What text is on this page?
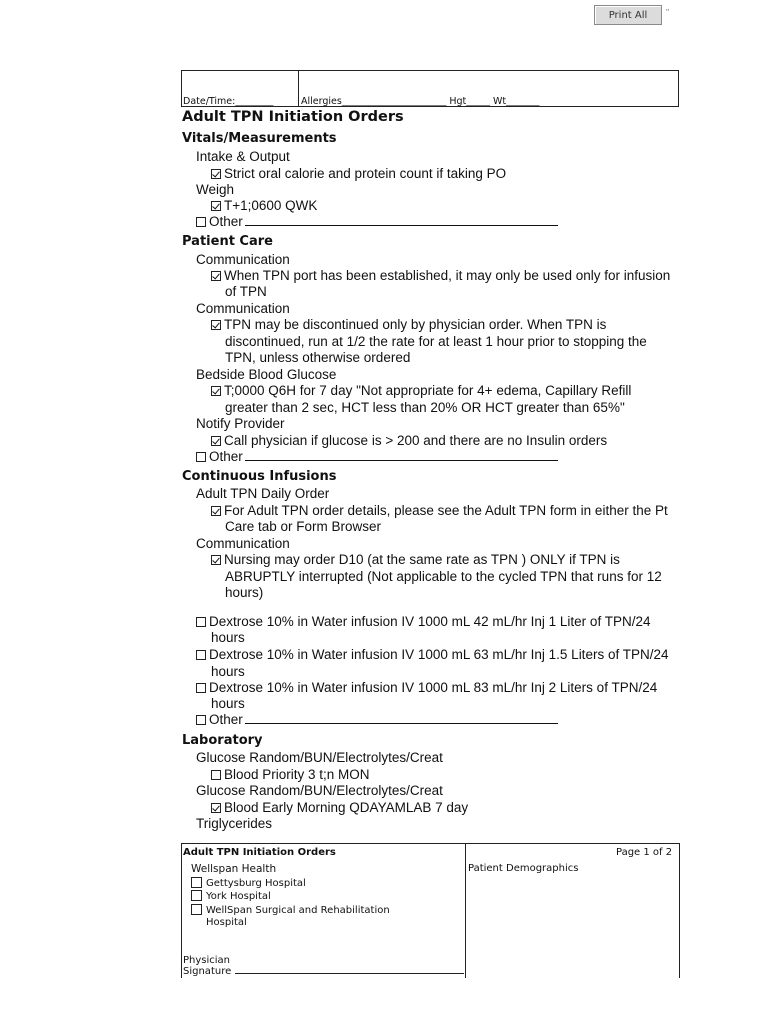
Print All	''
Date/Time:________	Allergies______________________ Hgt_____ Wt_______
Adult TPN Initiation Orders
Vitals/Measurements
Intake & Output
Strict oral calorie and protein count if taking PO
Weigh
T+1;0600 QWK
Other
Patient Care
Communication
When TPN port has been established, it may only be used only for infusion
of TPN
Communication
TPN may be discontinued only by physician order. When TPN is
discontinued, run at 1/2 the rate for at least 1 hour prior to stopping the
TPN, unless otherwise ordered
Bedside Blood Glucose
T;0000 Q6H for 7 day "Not appropriate for 4+ edema, Capillary Refill
greater than 2 sec, HCT less than 20% OR HCT greater than 65%"
Notify Provider
Call physician if glucose is > 200 and there are no Insulin orders
Other
Continuous Infusions
Adult TPN Daily Order
For Adult TPN order details, please see the Adult TPN form in either the Pt
Care tab or Form Browser
Communication
Nursing may order D10 (at the same rate as TPN ) ONLY if TPN is
ABRUPTLY interrupted (Not applicable to the cycled TPN that runs for 12
hours)
Dextrose 10% in Water infusion IV 1000 mL 42 mL/hr Inj 1 Liter of TPN/24
hours
Dextrose 10% in Water infusion IV 1000 mL 63 mL/hr Inj 1.5 Liters of TPN/24
hours
Dextrose 10% in Water infusion IV 1000 mL 83 mL/hr Inj 2 Liters of TPN/24
hours
Other
Laboratory
Glucose Random/BUN/Electrolytes/Creat
Blood Priority 3 t;n MON
Glucose Random/BUN/Electrolytes/Creat
Blood Early Morning QDAYAMLAB 7 day
Triglycerides
Adult TPN Initiation Orders	Page 1 of 2
Wellspan Health
Gettysburg Hospital
York Hospital
WellSpan Surgical and Rehabilitation
Hospital
Physician
Signature
Patient Demographics
